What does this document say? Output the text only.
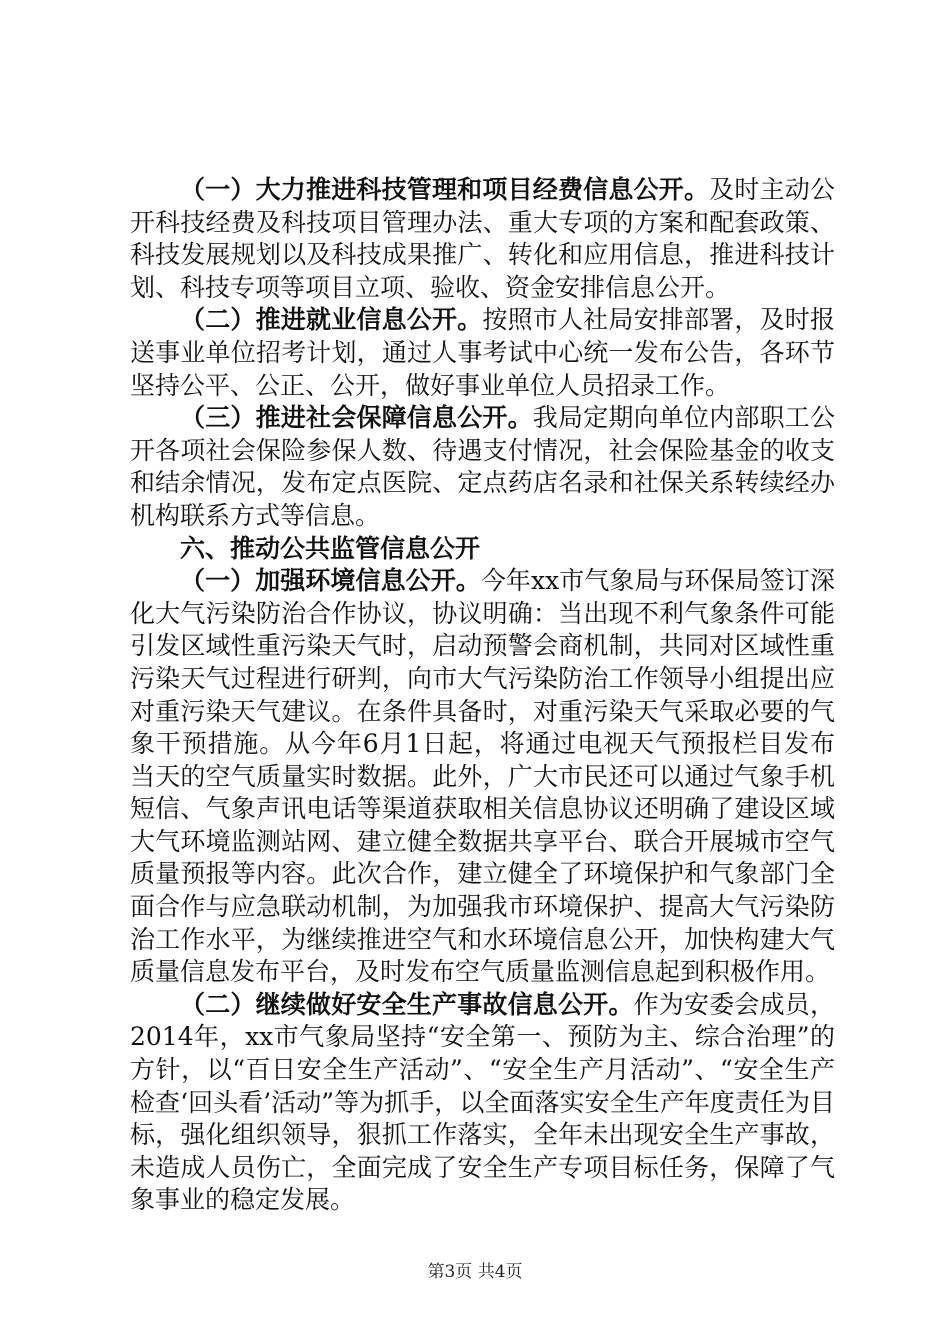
（一）大力推进科技管理和项目经费信息公开。及时主动公开科技经费及科技项目管理办法、重大专项的方案和配套政策、科技发展规划以及科技成果推广、转化和应用信息，推进科技计划、科技专项等项目立项、验收、资金安排信息公开。

（二）推进就业信息公开。按照市人社局安排部署，及时报送事业单位招考计划，通过人事考试中心统一发布公告，各环节坚持公平、公正、公开，做好事业单位人员招录工作。

（三）推进社会保障信息公开。我局定期向单位内部职工公开各项社会保险参保人数、待遇支付情况，社会保险基金的收支和结余情况，发布定点医院、定点药店名录和社保关系转续经办机构联系方式等信息。

六、推动公共监管信息公开

（一）加强环境信息公开。今年xx市气象局与环保局签订深化大气污染防治合作协议，协议明确：当出现不利气象条件可能引发区域性重污染天气时，启动预警会商机制，共同对区域性重污染天气过程进行研判，向市大气污染防治工作领导小组提出应对重污染天气建议。在条件具备时，对重污染天气采取必要的气象干预措施。从今年6月1日起，将通过电视天气预报栏目发布当天的空气质量实时数据。此外，广大市民还可以通过气象手机短信、气象声讯电话等渠道获取相关信息协议还明确了建设区域大气环境监测站网、建立健全数据共享平台、联合开展城市空气质量预报等内容。此次合作，建立健全了环境保护和气象部门全面合作与应急联动机制，为加强我市环境保护、提高大气污染防治工作水平，为继续推进空气和水环境信息公开，加快构建大气质量信息发布平台，及时发布空气质量监测信息起到积极作用。

（二）继续做好安全生产事故信息公开。作为安委会成员，2014年，xx市气象局坚持“安全第一、预防为主、综合治理”的方针，以“百日安全生产活动”、“安全生产月活动”、“安全生产检查‘回头看’活动”等为抓手，以全面落实安全生产年度责任为目标，强化组织领导，狠抓工作落实，全年未出现安全生产事故，未造成人员伤亡，全面完成了安全生产专项目标任务，保障了气象事业的稳定发展。

第3页 共4页
